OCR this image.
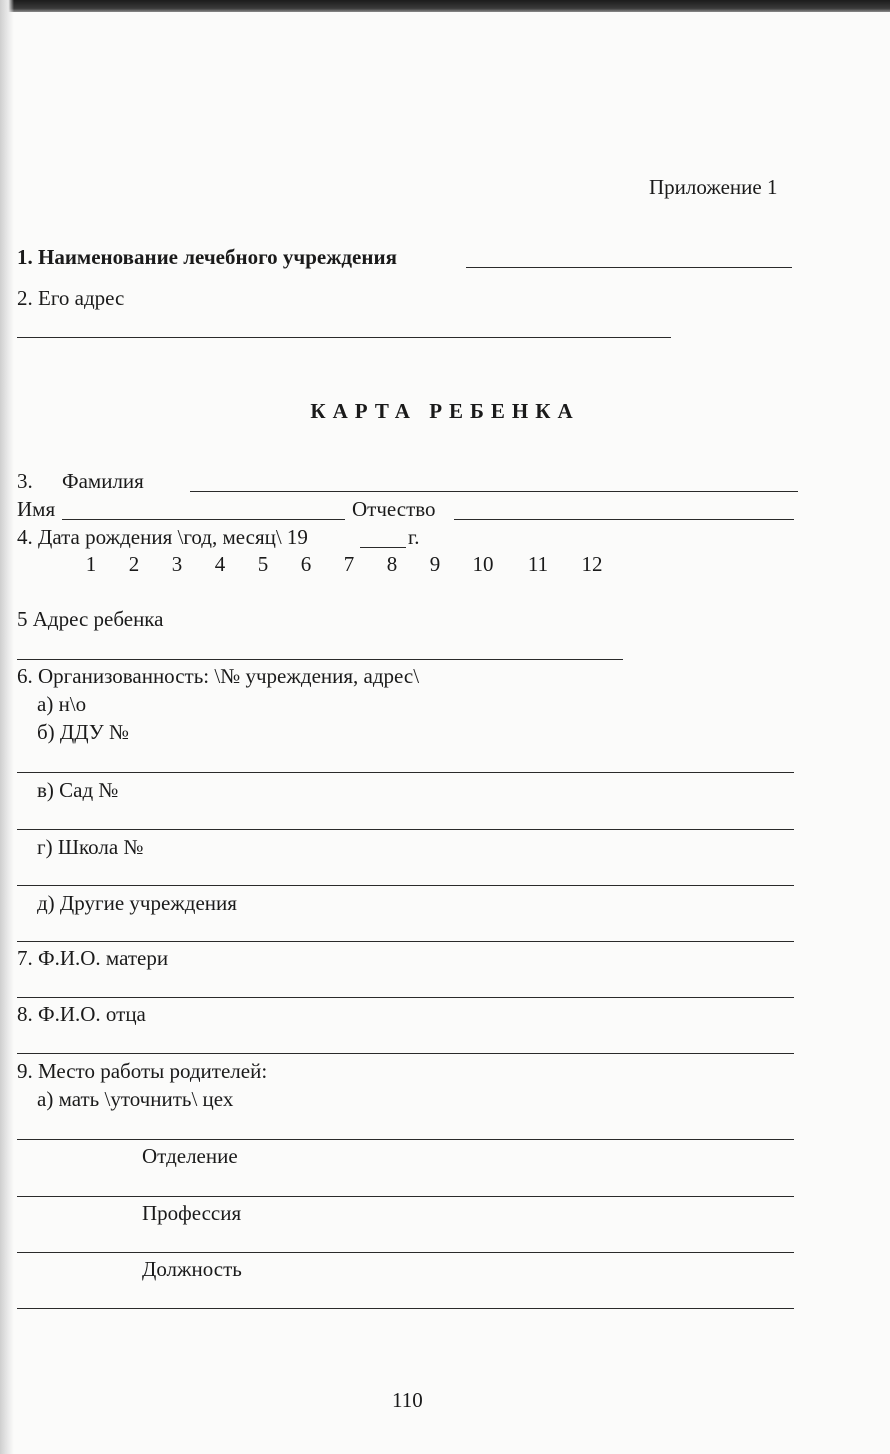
Приложение 1
1. Наименование лечебного учреждения
2. Его адрес
КАРТА РЕБЕНКА
3. Фамилия
Имя	Отчество
4. Дата рождения \год, месяц\ 19	г.
1	2	3	4	5	6	7	8	9	10 11 12
5 Адрес ребенка
6. Организованность: \№ учреждения, адрес\
а) н\о
б) ДДУ №
в) Сад №
г) Школа №
д) Другие учреждения
7. Ф.И.О. матери
8. Ф.И.О. отца
9. Место работы родителей:
а) мать \уточнить\ цех
Отделение
Профессия
Должность
110
